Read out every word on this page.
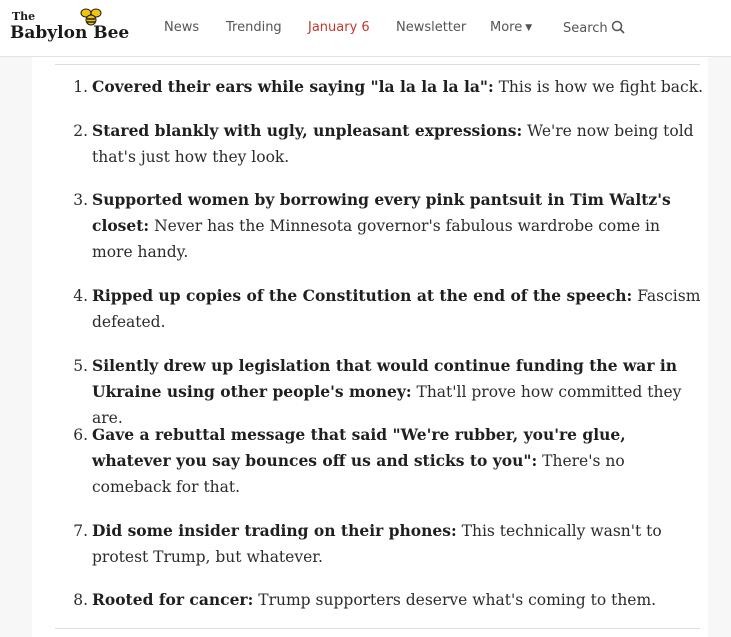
The
Babylon Bee	News Trending January 6 Newsletter More ▼ Search
1. Covered their ears while saying "la la la la la": This is how we fight back.
2. Stared blankly with ugly, unpleasant expressions: We're now being told that's just how they look.
3. Supported women by borrowing every pink pantsuit in Tim Waltz's closet: Never has the Minnesota governor's fabulous wardrobe come in more handy.
4. Ripped up copies of the Constitution at the end of the speech: Fascism defeated.
5. Silently drew up legislation that would continue funding the war in Ukraine using other people's money: That'll prove how committed they are.
6. Gave a rebuttal message that said "We're rubber, you're glue, whatever you say bounces off us and sticks to you": There's no comeback for that.
7. Did some insider trading on their phones: This technically wasn't to protest Trump, but whatever.
8. Rooted for cancer: Trump supporters deserve what's coming to them.
